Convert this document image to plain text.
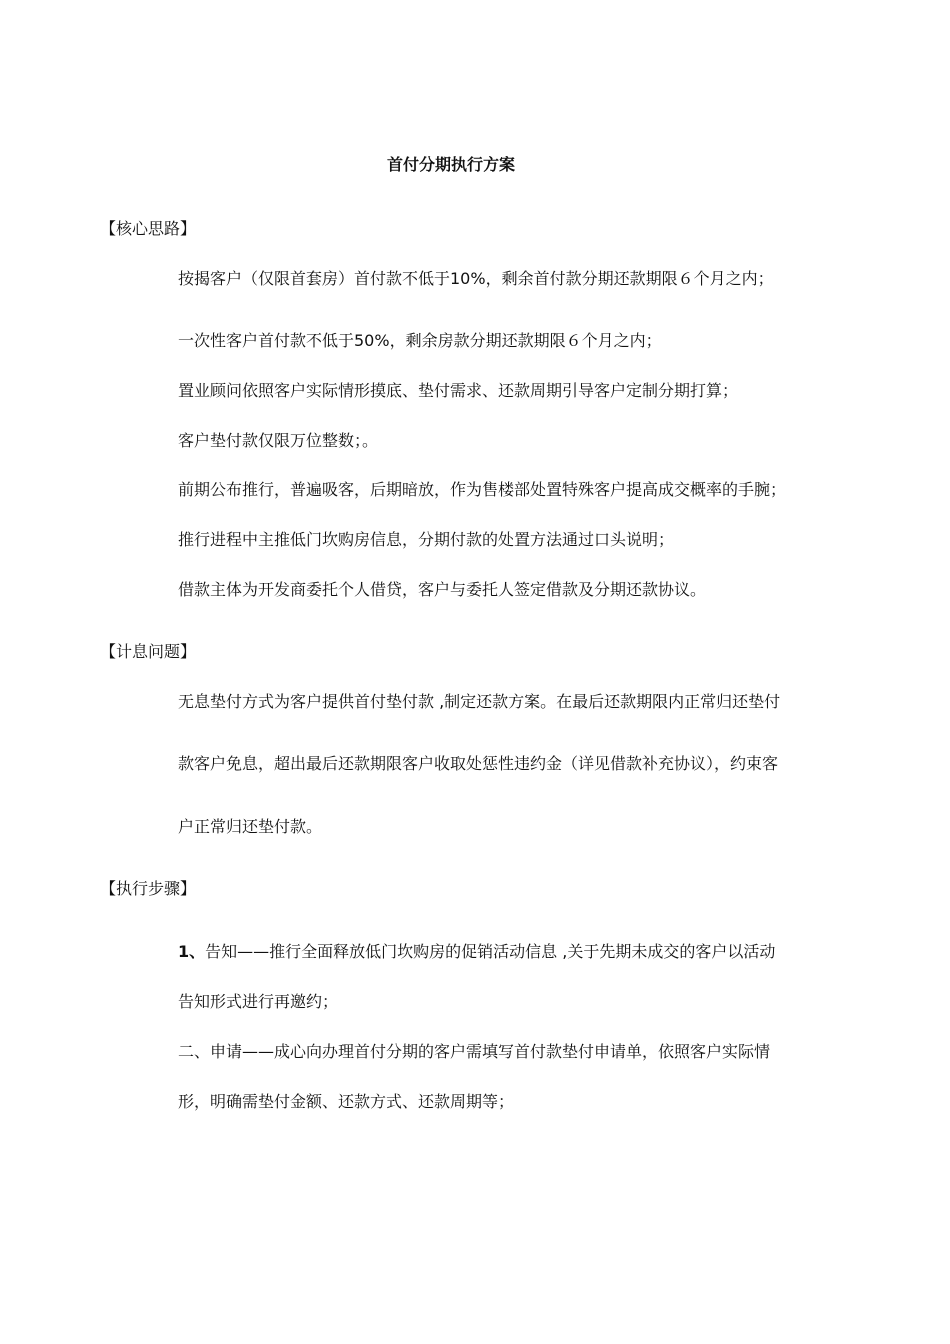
首付分期执行方案
【核心思路】
按揭客户（仅限首套房）首付款不低于10%，剩余首付款分期还款期限６个月之内；
一次性客户首付款不低于50%，剩余房款分期还款期限６个月之内；
置业顾问依照客户实际情形摸底、垫付需求、还款周期引导客户定制分期打算；
客户垫付款仅限万位整数；。
前期公布推行，普遍吸客，后期暗放，作为售楼部处置特殊客户提高成交概率的手腕；
推行进程中主推低门坎购房信息，分期付款的处置方法通过口头说明；
借款主体为开发商委托个人借贷，客户与委托人签定借款及分期还款协议。
【计息问题】
无息垫付方式为客户提供首付垫付款 ,制定还款方案。在最后还款期限内正常归还垫付
款客户免息，超出最后还款期限客户收取处惩性违约金（详见借款补充协议），约束客
户正常归还垫付款。
【执行步骤】
1、告知——推行全面释放低门坎购房的促销活动信息 ,关于先期未成交的客户以活动
告知形式进行再邀约；
二、申请——成心向办理首付分期的客户需填写首付款垫付申请单，依照客户实际情
形，明确需垫付金额、还款方式、还款周期等；
